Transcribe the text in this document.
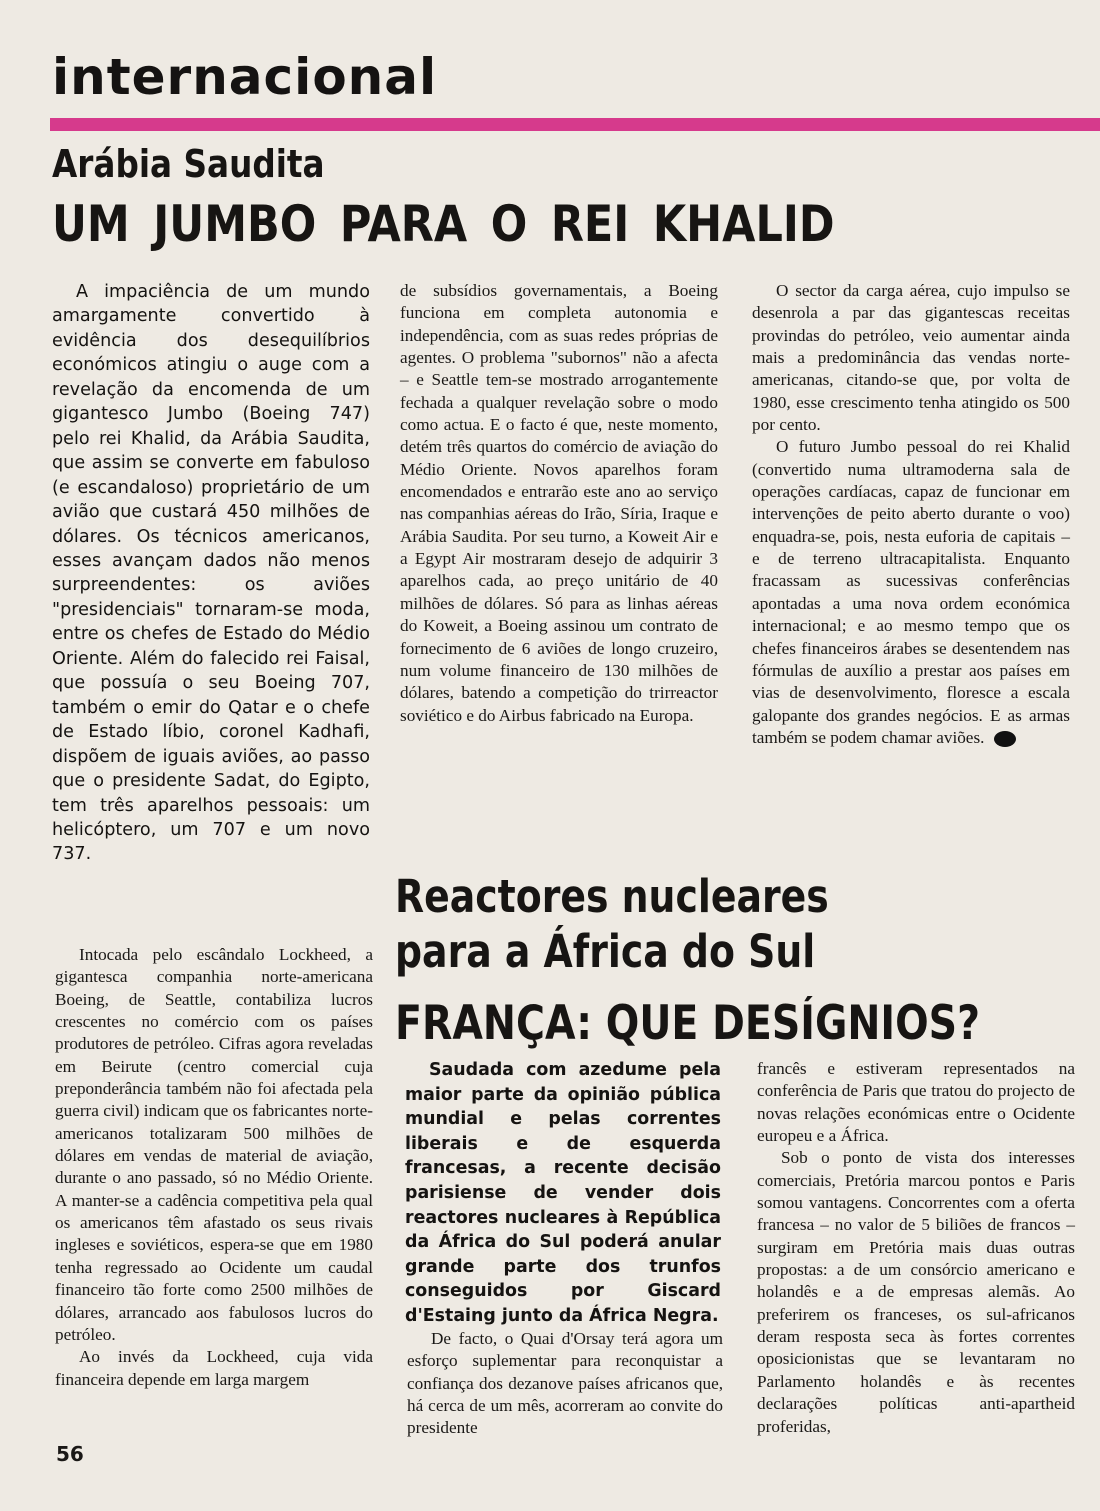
internacional
Arábia Saudita
UM JUMBO PARA O REI KHALID

A impaciência de um mundo amargamente convertido à evidência dos desequilíbrios económicos atingiu o auge com a revelação da encomenda de um gigantesco Jumbo (Boeing 747) pelo rei Khalid, da Arábia Saudita, que assim se converte em fabuloso (e escandaloso) proprietário de um avião que custará 450 milhões de dólares. Os técnicos americanos, esses avançam dados não menos surpreendentes: os aviões "presidenciais" tornaram-se moda, entre os chefes de Estado do Médio Oriente. Além do falecido rei Faisal, que possuía o seu Boeing 707, também o emir do Qatar e o chefe de Estado líbio, coronel Kadhafi, dispõem de iguais aviões, ao passo que o presidente Sadat, do Egipto, tem três aparelhos pessoais: um helicóptero, um 707 e um novo 737.

Intocada pelo escândalo Lockheed, a gigantesca companhia norte-americana Boeing, de Seattle, contabiliza lucros crescentes no comércio com os países produtores de petróleo. Cifras agora reveladas em Beirute (centro comercial cuja preponderância também não foi afectada pela guerra civil) indicam que os fabricantes norte-americanos totalizaram 500 milhões de dólares em vendas de material de aviação, durante o ano passado, só no Médio Oriente. A manter-se a cadência competitiva pela qual os americanos têm afastado os seus rivais ingleses e soviéticos, espera-se que em 1980 tenha regressado ao Ocidente um caudal financeiro tão forte como 2500 milhões de dólares, arrancado aos fabulosos lucros do petróleo.

Ao invés da Lockheed, cuja vida financeira depende em larga margem

de subsídios governamentais, a Boeing funciona em completa autonomia e independência, com as suas redes próprias de agentes. O problema "subornos" não a afecta – e Seattle tem-se mostrado arrogantemente fechada a qualquer revelação sobre o modo como actua. E o facto é que, neste momento, detém três quartos do comércio de aviação do Médio Oriente. Novos aparelhos foram encomendados e entrarão este ano ao serviço nas companhias aéreas do Irão, Síria, Iraque e Arábia Saudita. Por seu turno, a Koweit Air e a Egypt Air mostraram desejo de adquirir 3 aparelhos cada, ao preço unitário de 40 milhões de dólares. Só para as linhas aéreas do Koweit, a Boeing assinou um contrato de fornecimento de 6 aviões de longo cruzeiro, num volume financeiro de 130 milhões de dólares, batendo a competição do trirreactor soviético e do Airbus fabricado na Europa.

O sector da carga aérea, cujo impulso se desenrola a par das gigantescas receitas provindas do petróleo, veio aumentar ainda mais a predominância das vendas norte-americanas, citando-se que, por volta de 1980, esse crescimento tenha atingido os 500 por cento.

O futuro Jumbo pessoal do rei Khalid (convertido numa ultramoderna sala de operações cardíacas, capaz de funcionar em intervenções de peito aberto durante o voo) enquadra-se, pois, nesta euforia de capitais – e de terreno ultracapitalista. Enquanto fracassam as sucessivas conferências apontadas a uma nova ordem económica internacional; e ao mesmo tempo que os chefes financeiros árabes se desentendem nas fórmulas de auxílio a prestar aos países em vias de desenvolvimento, floresce a escala galopante dos grandes negócios. E as armas também se podem chamar aviões.

Reactores nucleares
para a África do Sul
FRANÇA: QUE DESÍGNIOS?

Saudada com azedume pela maior parte da opinião pública mundial e pelas correntes liberais e de esquerda francesas, a recente decisão parisiense de vender dois reactores nucleares à República da África do Sul poderá anular grande parte dos trunfos conseguidos por Giscard d'Estaing junto da África Negra.

De facto, o Quai d'Orsay terá agora um esforço suplementar para reconquistar a confiança dos dezanove países africanos que, há cerca de um mês, acorreram ao convite do presidente

francês e estiveram representados na conferência de Paris que tratou do projecto de novas relações económicas entre o Ocidente europeu e a África.

Sob o ponto de vista dos interesses comerciais, Pretória marcou pontos e Paris somou vantagens. Concorrentes com a oferta francesa – no valor de 5 biliões de francos – surgiram em Pretória mais duas outras propostas: a de um consórcio americano e holandês e a de empresas alemãs. Ao preferirem os franceses, os sul-africanos deram resposta seca às fortes correntes oposicionistas que se levantaram no Parlamento holandês e às recentes declarações políticas anti-apartheid proferidas,

56
